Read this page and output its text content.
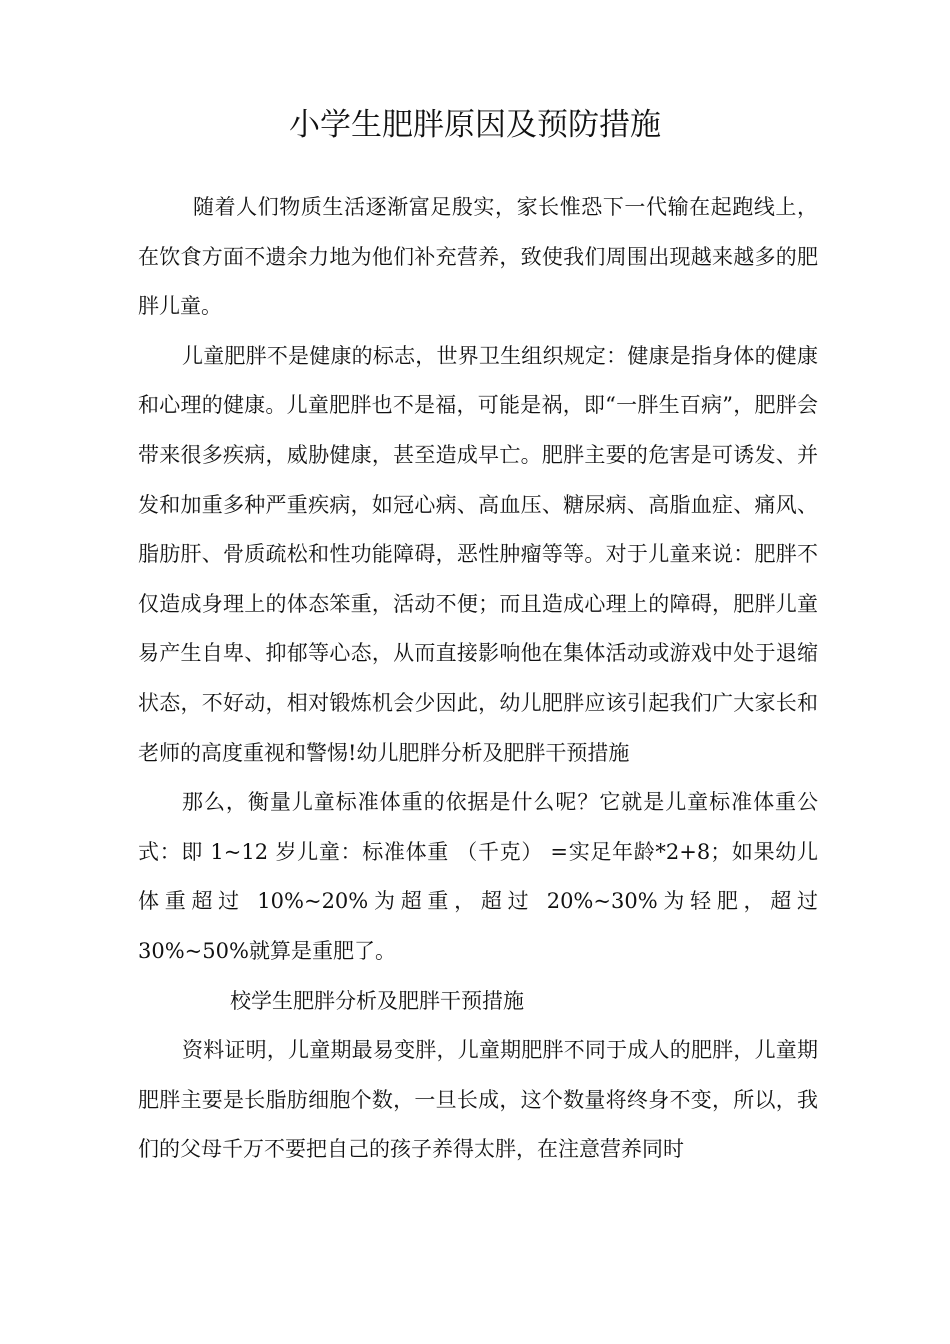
小学生肥胖原因及预防措施

随着人们物质生活逐渐富足殷实，家长惟恐下一代输在起跑线上，在饮食方面不遗余力地为他们补充营养，致使我们周围出现越来越多的肥胖儿童。

儿童肥胖不是健康的标志，世界卫生组织规定：健康是指身体的健康和心理的健康。儿童肥胖也不是福，可能是祸，即“一胖生百病”，肥胖会带来很多疾病，威胁健康，甚至造成早亡。肥胖主要的危害是可诱发、并发和加重多种严重疾病，如冠心病、高血压、糖尿病、高脂血症、痛风、脂肪肝、骨质疏松和性功能障碍，恶性肿瘤等等。对于儿童来说：肥胖不仅造成身理上的体态笨重，活动不便；而且造成心理上的障碍，肥胖儿童易产生自卑、抑郁等心态，从而直接影响他在集体活动或游戏中处于退缩状态，不好动，相对锻炼机会少因此，幼儿肥胖应该引起我们广大家长和老师的高度重视和警惕!幼儿肥胖分析及肥胖干预措施

那么，衡量儿童标准体重的依据是什么呢？它就是儿童标准体重公式：即 1~12 岁儿童：标准体重 （千克） =实足年龄*2+8；如果幼儿体重超过 10%~20%为超重，超过 20%~30%为轻肥，超过 30%~50%就算是重肥了。

校学生肥胖分析及肥胖干预措施

资料证明，儿童期最易变胖，儿童期肥胖不同于成人的肥胖，儿童期肥胖主要是长脂肪细胞个数，一旦长成，这个数量将终身不变，所以，我们的父母千万不要把自己的孩子养得太胖，在注意营养同时
